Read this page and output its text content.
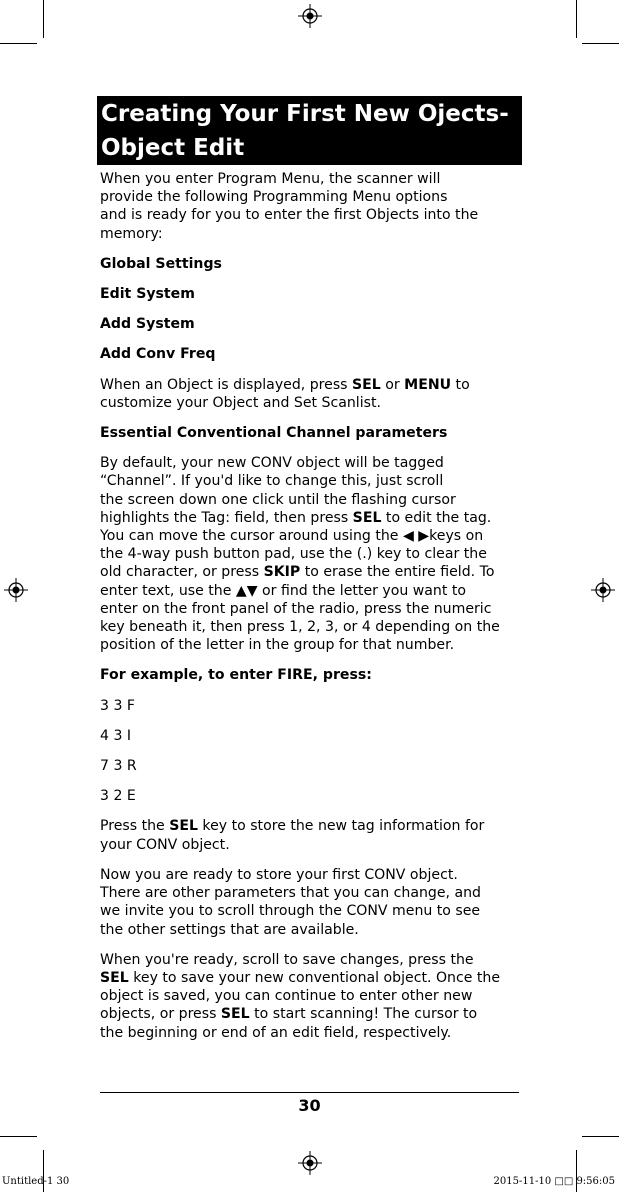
Creating Your First New Ojects-
Object Edit

When you enter Program Menu, the scanner will
provide the following Programming Menu options
and is ready for you to enter the first Objects into the
memory:

Global Settings

Edit System

Add System

Add Conv Freq

When an Object is displayed, press SEL or MENU to
customize your Object and Set Scanlist.

Essential Conventional Channel parameters

By default, your new CONV object will be tagged
“Channel”. If you'd like to change this, just scroll
the screen down one click until the flashing cursor
highlights the Tag: field, then press SEL to edit the tag.
You can move the cursor around using the ◀ ▶keys on
the 4-way push button pad, use the (.) key to clear the
old character, or press SKIP to erase the entire field. To
enter text, use the ▲▼ or find the letter you want to
enter on the front panel of the radio, press the numeric
key beneath it, then press 1, 2, 3, or 4 depending on the
position of the letter in the group for that number.

For example, to enter FIRE, press:

3 3 F

4 3 I

7 3 R

3 2 E

Press the SEL key to store the new tag information for
your CONV object.

Now you are ready to store your first CONV object.
There are other parameters that you can change, and
we invite you to scroll through the CONV menu to see
the other settings that are available.

When you're ready, scroll to save changes, press the
SEL key to save your new conventional object. Once the
object is saved, you can continue to enter other new
objects, or press SEL to start scanning! The cursor to
the beginning or end of an edit field, respectively.

30
Untitled-1 30	2015-11-10 □□ 9:56:05
